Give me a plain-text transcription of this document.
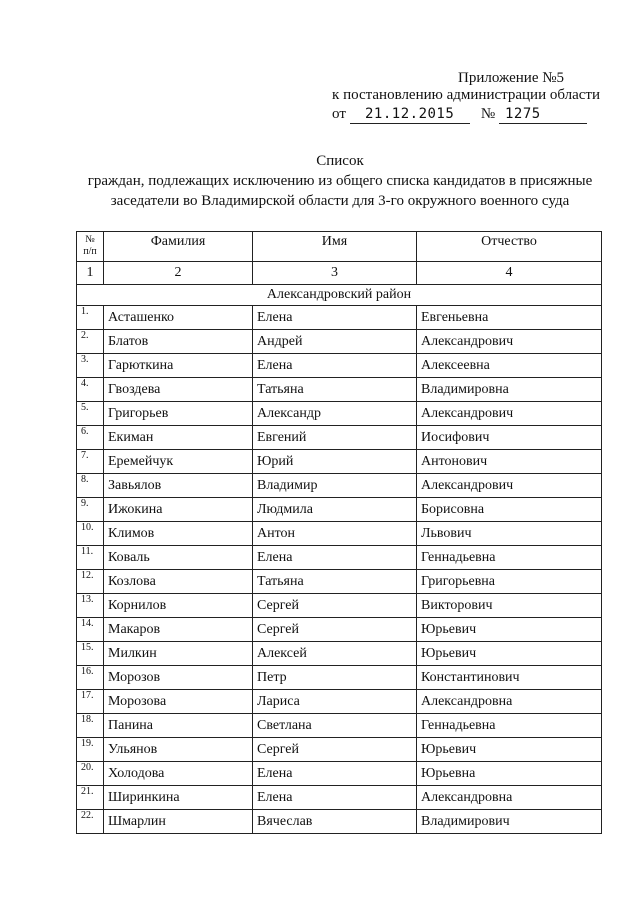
Приложение №5
к постановлению администрации области
от 21.12.2015 № 1275
Список
граждан, подлежащих исключению из общего списка кандидатов в присяжные
заседатели во Владимирской области для 3-го окружного военного суда
№ п/п	Фамилия	Имя	Отчество
1	2	3	4
Александровский район			
1.	Асташенко	Елена	Евгеньевна
2.	Блатов	Андрей	Александрович
3.	Гарюткина	Елена	Алексеевна
4.	Гвоздева	Татьяна	Владимировна
5.	Григорьев	Александр	Александрович
6.	Екиман	Евгений	Иосифович
7.	Еремейчук	Юрий	Антонович
8.	Завьялов	Владимир	Александрович
9.	Ижокина	Людмила	Борисовна
10.	Климов	Антон	Львович
11.	Коваль	Елена	Геннадьевна
12.	Козлова	Татьяна	Григорьевна
13.	Корнилов	Сергей	Викторович
14.	Макаров	Сергей	Юрьевич
15.	Милкин	Алексей	Юрьевич
16.	Морозов	Петр	Константинович
17.	Морозова	Лариса	Александровна
18.	Панина	Светлана	Геннадьевна
19.	Ульянов	Сергей	Юрьевич
20.	Холодова	Елена	Юрьевна
21.	Ширинкина	Елена	Александровна
22.	Шмарлин	Вячеслав	Владимирович
